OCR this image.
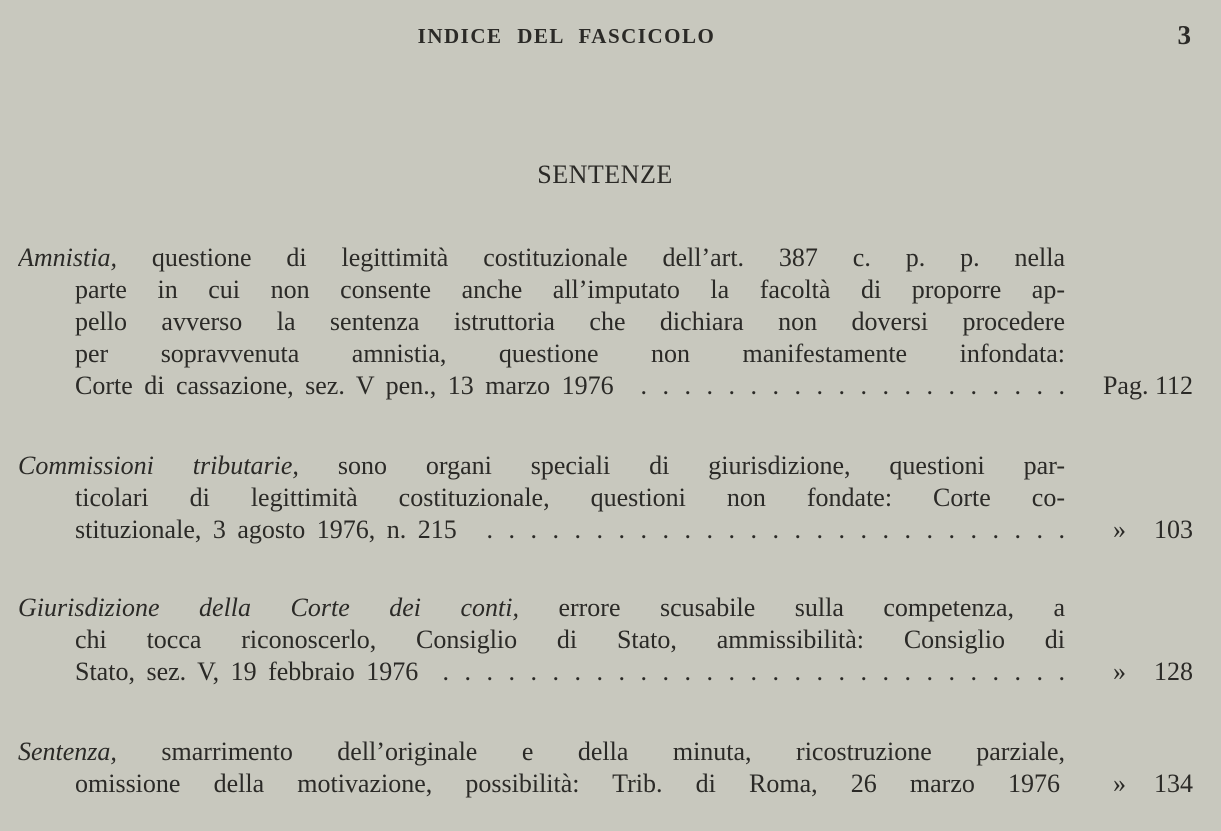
INDICE DEL FASCICOLO	3
SENTENZE
Amnistia, questione di legittimità costituzionale dell’art. 387 c. p. p. nella
parte in cui non consente anche all’imputato la facoltà di proporre ap-
pello avverso la sentenza istruttoria che dichiara non doversi procedere
per sopravvenuta amnistia, questione non manifestamente infondata:
Corte di cassazione, sez. V pen., 13 marzo 1976 . . .	Pag. 112
Commissioni tributarie, sono organi speciali di giurisdizione, questioni par-
ticolari di legittimità costituzionale, questioni non fondate: Corte co-
stituzionale, 3 agosto 1976, n. 215 . . .	» 103
Giurisdizione della Corte dei conti, errore scusabile sulla competenza, a
chi tocca riconoscerlo, Consiglio di Stato, ammissibilità: Consiglio di
Stato, sez. V, 19 febbraio 1976 . . .	» 128
Sentenza, smarrimento dell’originale e della minuta, ricostruzione parziale,
omissione della motivazione, possibilità: Trib. di Roma, 26 marzo 1976 » 134
